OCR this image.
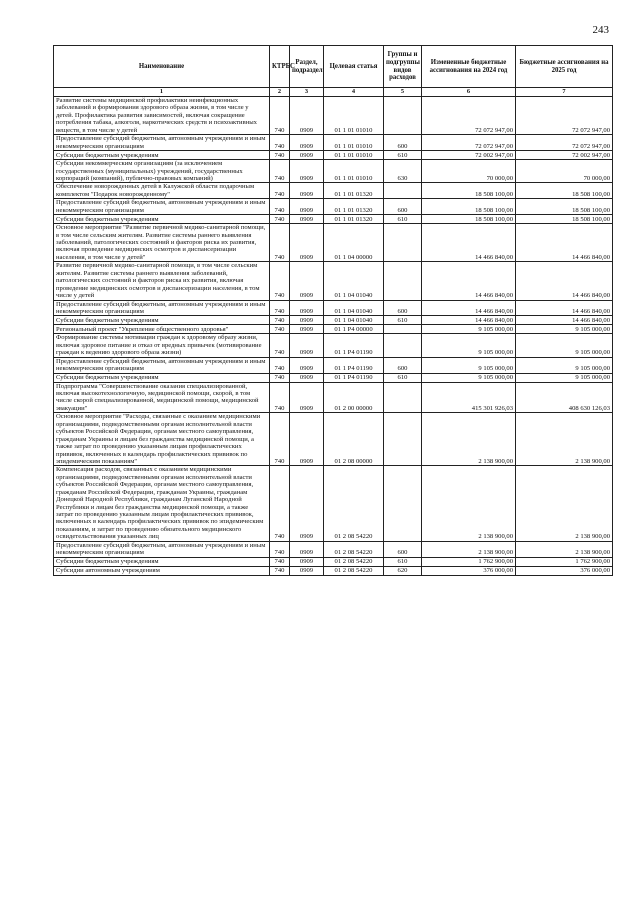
243
Наименование	КТРБС	Раздел, подраздел	Целевая статья	Группы и подгруппы видов расходов	Измененные бюджетные ассигнования на 2024 год	Бюджетные ассигнования на 2025 год
1	2	3	4	5	6	7
Развитие системы медицинской профилактики неинфекционных заболеваний и формирования здорового образа жизни, в том числе у детей. Профилактика развития зависимостей, включая сокращение потребления табака, алкоголя, наркотических средств и психоактивных веществ, в том числе у детей	740	0909	01 1 01 01010		72 072 947,00	72 072 947,00
Предоставление субсидий бюджетным, автономным учреждениям и иным некоммерческим организациям	740	0909	01 1 01 01010	600	72 072 947,00	72 072 947,00
Субсидии бюджетным учреждениям	740	0909	01 1 01 01010	610	72 002 947,00	72 002 947,00
Субсидии некоммерческим организациям (за исключением государственных (муниципальных) учреждений, государственных корпораций (компаний), публично-правовых компаний)	740	0909	01 1 01 01010	630	70 000,00	70 000,00
Обеспечение новорожденных детей в Калужской области подарочным комплектом "Подарок новорожденному"	740	0909	01 1 01 01320		18 508 100,00	18 508 100,00
Предоставление субсидий бюджетным, автономным учреждениям и иным некоммерческим организациям	740	0909	01 1 01 01320	600	18 508 100,00	18 508 100,00
Субсидии бюджетным учреждениям	740	0909	01 1 01 01320	610	18 508 100,00	18 508 100,00
Основное мероприятие "Развитие первичной медико-санитарной помощи, в том числе сельским жителям. Развитие системы раннего выявления заболеваний, патологических состояний и факторов риска их развития, включая проведение медицинских осмотров и диспансеризации населения, в том числе у детей"	740	0909	01 1 04 00000		14 466 840,00	14 466 840,00
Развитие первичной медико-санитарной помощи, в том числе сельским жителям. Развитие системы раннего выявления заболеваний, патологических состояний и факторов риска их развития, включая проведение медицинских осмотров и диспансеризации населения, в том числе у детей	740	0909	01 1 04 01040		14 466 840,00	14 466 840,00
Предоставление субсидий бюджетным, автономным учреждениям и иным некоммерческим организациям	740	0909	01 1 04 01040	600	14 466 840,00	14 466 840,00
Субсидии бюджетным учреждениям	740	0909	01 1 04 01040	610	14 466 840,00	14 466 840,00
Региональный проект "Укрепление общественного здоровья"	740	0909	01 1 P4 00000		9 105 000,00	9 105 000,00
Формирование системы мотивации граждан к здоровому образу жизни, включая здоровое питание и отказ от вредных привычек (мотивирование граждан к ведению здорового образа жизни)	740	0909	01 1 P4 01190		9 105 000,00	9 105 000,00
Предоставление субсидий бюджетным, автономным учреждениям и иным некоммерческим организациям	740	0909	01 1 P4 01190	600	9 105 000,00	9 105 000,00
Субсидии бюджетным учреждениям	740	0909	01 1 P4 01190	610	9 105 000,00	9 105 000,00
Подпрограмма "Совершенствование оказания специализированной, включая высокотехнологичную, медицинской помощи, скорой, в том числе скорой специализированной, медицинской помощи, медицинской эвакуации"	740	0909	01 2 00 00000		415 301 926,03	408 630 126,03
Основное мероприятие "Расходы, связанные с оказанием медицинскими организациями, подведомственными органам исполнительной власти субъектов Российской Федерации, органам местного самоуправления, гражданам Украины и лицам без гражданства медицинской помощи, а также затрат по проведению указанным лицам профилактических прививок, включенных в календарь профилактических прививок по эпидемическим показаниям"	740	0909	01 2 08 00000		2 138 900,00	2 138 900,00
Компенсация расходов, связанных с оказанием медицинскими организациями, подведомственными органам исполнительной власти субъектов Российской Федерации, органам местного самоуправления, гражданам Российской Федерации, гражданам Украины, гражданам Донецкой Народной Республики, гражданам Луганской Народной Республики и лицам без гражданства медицинской помощи, а также затрат по проведению указанным лицам профилактических прививок, включенных в календарь профилактических прививок по эпидемическим показаниям, и затрат по проведению обязательного медицинского освидетельствования указанных лиц	740	0909	01 2 08 54220		2 138 900,00	2 138 900,00
Предоставление субсидий бюджетным, автономным учреждениям и иным некоммерческим организациям	740	0909	01 2 08 54220	600	2 138 900,00	2 138 900,00
Субсидии бюджетным учреждениям	740	0909	01 2 08 54220	610	1 762 900,00	1 762 900,00
Субсидии автономным учреждениям	740	0909	01 2 08 54220	620	376 000,00	376 000,00
